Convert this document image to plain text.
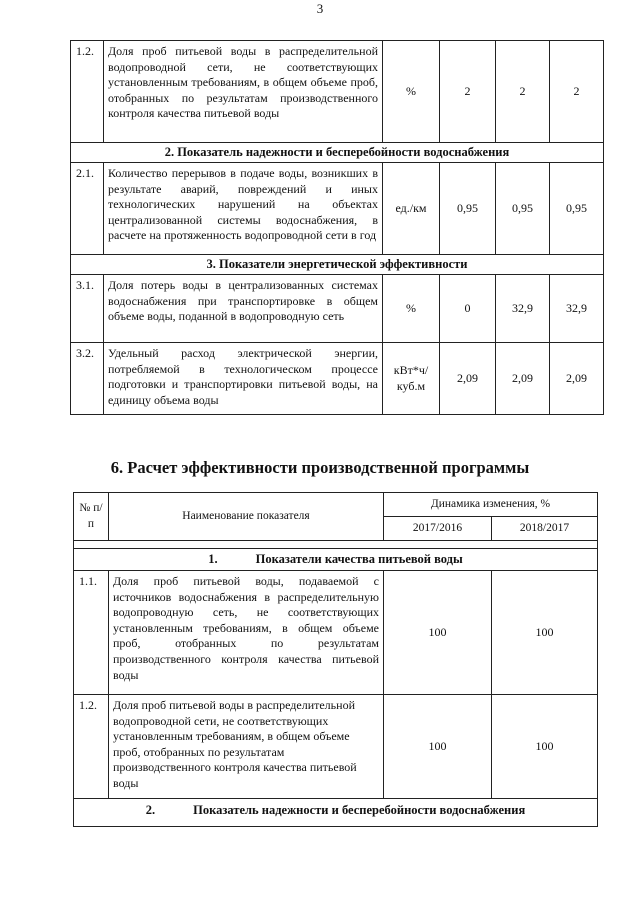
3
1.2.	Доля проб питьевой воды в распределительной водопроводной сети, не соответствующих установленным требованиям, в общем объеме проб, отобранных по результатам производственного контроля качества питьевой воды	%	2	2	2
2. Показатель надежности и бесперебойности водоснабжения					
2.1.	Количество перерывов в подаче воды, возникших в результате аварий, повреждений и иных технологических нарушений на объектах централизованной системы водоснабжения, в расчете на протяженность водопроводной сети в год	ед./км	0,95	0,95	0,95
3. Показатели энергетической эффективности					
3.1.	Доля потерь воды в централизованных системах водоснабжения при транспортировке в общем объеме воды, поданной в водопроводную сеть	%	0	32,9	32,9
3.2.	Удельный расход электрической энергии, потребляемой в технологическом процессе подготовки и транспортировки питьевой воды, на единицу объема воды	кВт*ч/ куб.м	2,09	2,09	2,09
6. Расчет эффективности производственной программы
№ п/п	Наименование показателя	Динамика изменения, %	
		2017/2016	2018/2017

1. Показатели качества питьевой воды			
1.1.	Доля проб питьевой воды, подаваемой с источников водоснабжения в распределительную водопроводную сеть, не соответствующих установленным требованиям, в общем объеме проб, отобранных по результатам производственного контроля качества питьевой воды	100	100
1.2.	Доля проб питьевой воды в распределительной водопроводной сети, не соответствующих установленным требованиям, в общем объеме проб, отобранных по результатам производственного контроля качества питьевой воды	100	100
2. Показатель надежности и бесперебойности водоснабжения			
